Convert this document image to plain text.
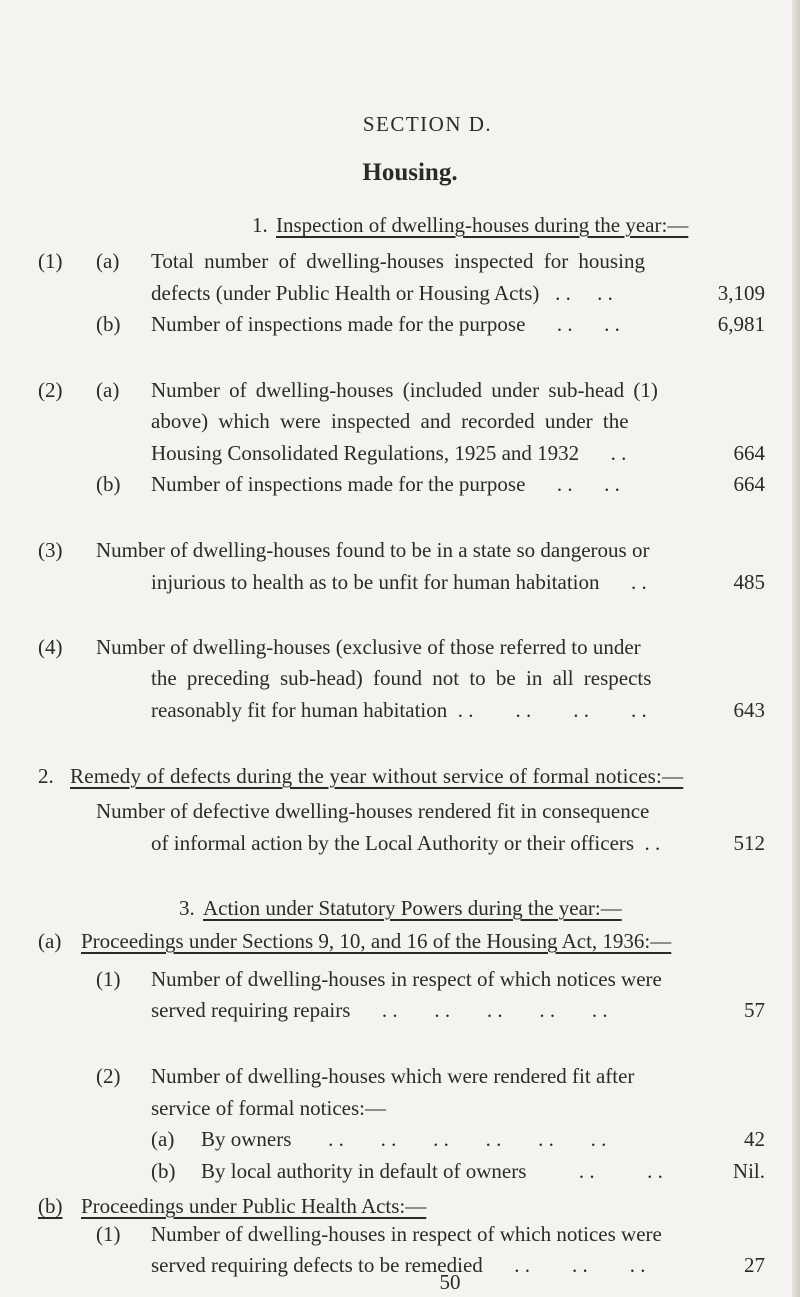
SECTION D.
Housing.
1. Inspection of dwelling-houses during the year:—
(1) (a) Total number of dwelling-houses inspected for housing
defects (under Public Health or Housing Acts)   . .     . .	3,109
(b) Number of inspections made for the purpose      . .      . .	6,981
(2) (a) Number of dwelling-houses (included under sub-head (1)
above) which were inspected and recorded under the
Housing Consolidated Regulations, 1925 and 1932      . .	664
(b) Number of inspections made for the purpose      . .      . .	664
(3) Number of dwelling-houses found to be in a state so dangerous or
injurious to health as to be unfit for human habitation      . .	485
(4) Number of dwelling-houses (exclusive of those referred to under
the preceding sub-head) found not to be in all respects
reasonably fit for human habitation  . .        . .        . .        . .	643
2. Remedy of defects during the year without service of formal notices:—
Number of defective dwelling-houses rendered fit in consequence
of informal action by the Local Authority or their officers  . .	512
3. Action under Statutory Powers during the year:—
(a) Proceedings under Sections 9, 10, and 16 of the Housing Act, 1936:—
(1) Number of dwelling-houses in respect of which notices were
served requiring repairs      . .       . .       . .       . .       . .	57
(2) Number of dwelling-houses which were rendered fit after
service of formal notices:—
(a) By owners       . .       . .       . .       . .       . .       . .	42
(b) By local authority in default of owners          . .          . .	Nil.
(b) Proceedings under Public Health Acts:—
(1) Number of dwelling-houses in respect of which notices were
served requiring defects to be remedied      . .        . .        . .	27
50
